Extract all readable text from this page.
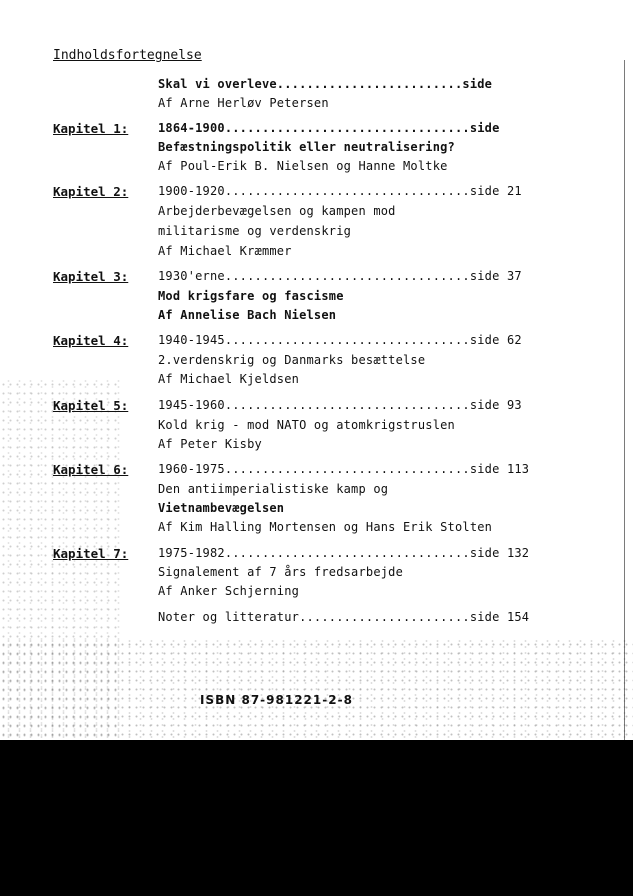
Indholdsfortegnelse
Skal vi overleve.........................side
Af Arne Herløv Petersen
Kapitel 1: 1864-1900.................................side
Befæstningspolitik eller neutralisering?
Af Poul-Erik B. Nielsen og Hanne Moltke
Kapitel 2: 1900-1920.................................side 21
Arbejderbevægelsen og kampen mod
militarisme og verdenskrig
Af Michael Kræmmer
Kapitel 3: 1930'erne.................................side 37
Mod krigsfare og fascisme
Af Annelise Bach Nielsen
Kapitel 4: 1940-1945.................................side 62
2.verdenskrig og Danmarks besættelse
Af Michael Kjeldsen
Kapitel 5: 1945-1960.................................side 93
Kold krig - mod NATO og atomkrigstruslen
Af Peter Kisby
Kapitel 6: 1960-1975.................................side 113
Den antiimperialistiske kamp og
Vietnambevægelsen
Af Kim Halling Mortensen og Hans Erik Stolten
Kapitel 7: 1975-1982.................................side 132
Signalement af 7 års fredsarbejde
Af Anker Schjerning
Noter og litteratur.......................side 154
ISBN 87-981221-2-8
